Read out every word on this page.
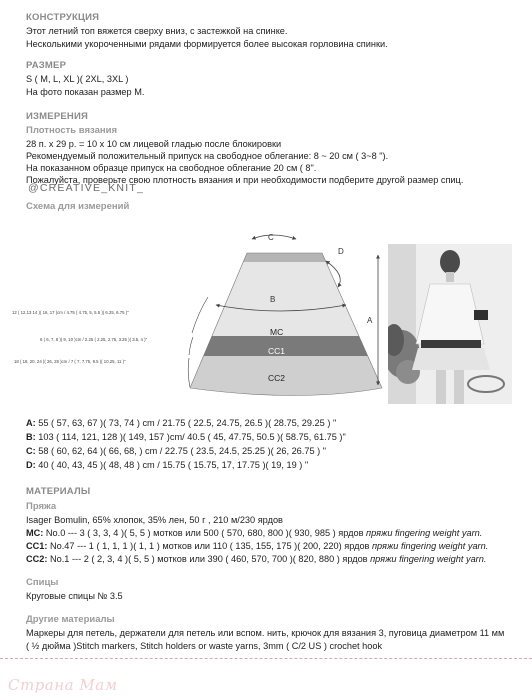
КОНСТРУКЦИЯ
Этот летний топ вяжется сверху вниз, с застежкой на спинке.
Несколькими укороченными рядами формируется более высокая горловина спинки.
РАЗМЕР
S ( M, L, XL )( 2XL, 3XL )
На фото показан размер M.
ИЗМЕРЕНИЯ
Плотность вязания
28 п. x 29 р. = 10 x 10 см лицевой гладью после блокировки
Рекомендуемый положительный припуск на свободное облегание: 8 ~ 20 см ( 3~8 ").
На показанном образце припуск на свободное облегание 20 см ( 8".
Пожалуйста, проверьте свою плотность вязания и при необходимости подберите другой размер спиц.
@CREATIVE_KNIT_
Схема для измерений
C
D
B
A
MC
CC1
CC2
12 ( 12,13 14 )( 16, 17 )cm / 4.75 ( 4.75, 5, 5.5 )( 6.25, 6.75 )"
6 ( 6, 7, 8 )( 9, 10 )cm / 2.25 ( 2.25, 2.75, 3.25 )( 3.5, 4 )"
18 ( 18, 20, 24 )( 26, 28 )cm / 7 ( 7, 7.75, 9.5 )( 10.25, 11 )"
A: 55 ( 57, 63, 67 )( 73, 74 ) cm / 21.75 ( 22.5, 24.75, 26.5 )( 28.75, 29.25 ) "
B: 103 ( 114, 121, 128 )( 149, 157 )cm/ 40.5 ( 45, 47.75, 50.5 )( 58.75, 61.75 )"
C: 58 ( 60, 62, 64 )( 66, 68, ) cm / 22.75 ( 23.5, 24.5, 25.25 )( 26, 26.75 ) "
D: 40 ( 40, 43, 45 )( 48, 48 ) cm / 15.75 ( 15.75, 17, 17.75 )( 19, 19 ) "
МАТЕРИАЛЫ
Пряжа
Isager Bomulin, 65% хлопок, 35% лен, 50 г , 210 м/230 ярдов
MC: No.0 --- 3 ( 3, 3, 4 )( 5, 5 ) мотков или 500 ( 570, 680, 800 )( 930, 985 ) ярдов пряжи fingering weight yarn.
CC1: No.47 --- 1 ( 1, 1, 1 )( 1, 1 ) мотков или 110 ( 135, 155, 175 )( 200, 220) ярдов пряжи fingering weight yarn.
CC2: No.1 --- 2 ( 2, 3, 4 )( 5, 5 ) мотков или 390 ( 460, 570, 700 )( 820, 880 ) ярдов пряжи fingering weight yarn.
Спицы
Круговые спицы № 3.5
Другие материалы
Маркеры для петель, держатели для петель или вспом. нить, крючок для вязания 3, пуговица диаметром 11 мм
( ½ дюйма )Stitch markers, Stitch holders or waste yarns, 3mm ( C/2 US ) crochet hook
Страна Мам
